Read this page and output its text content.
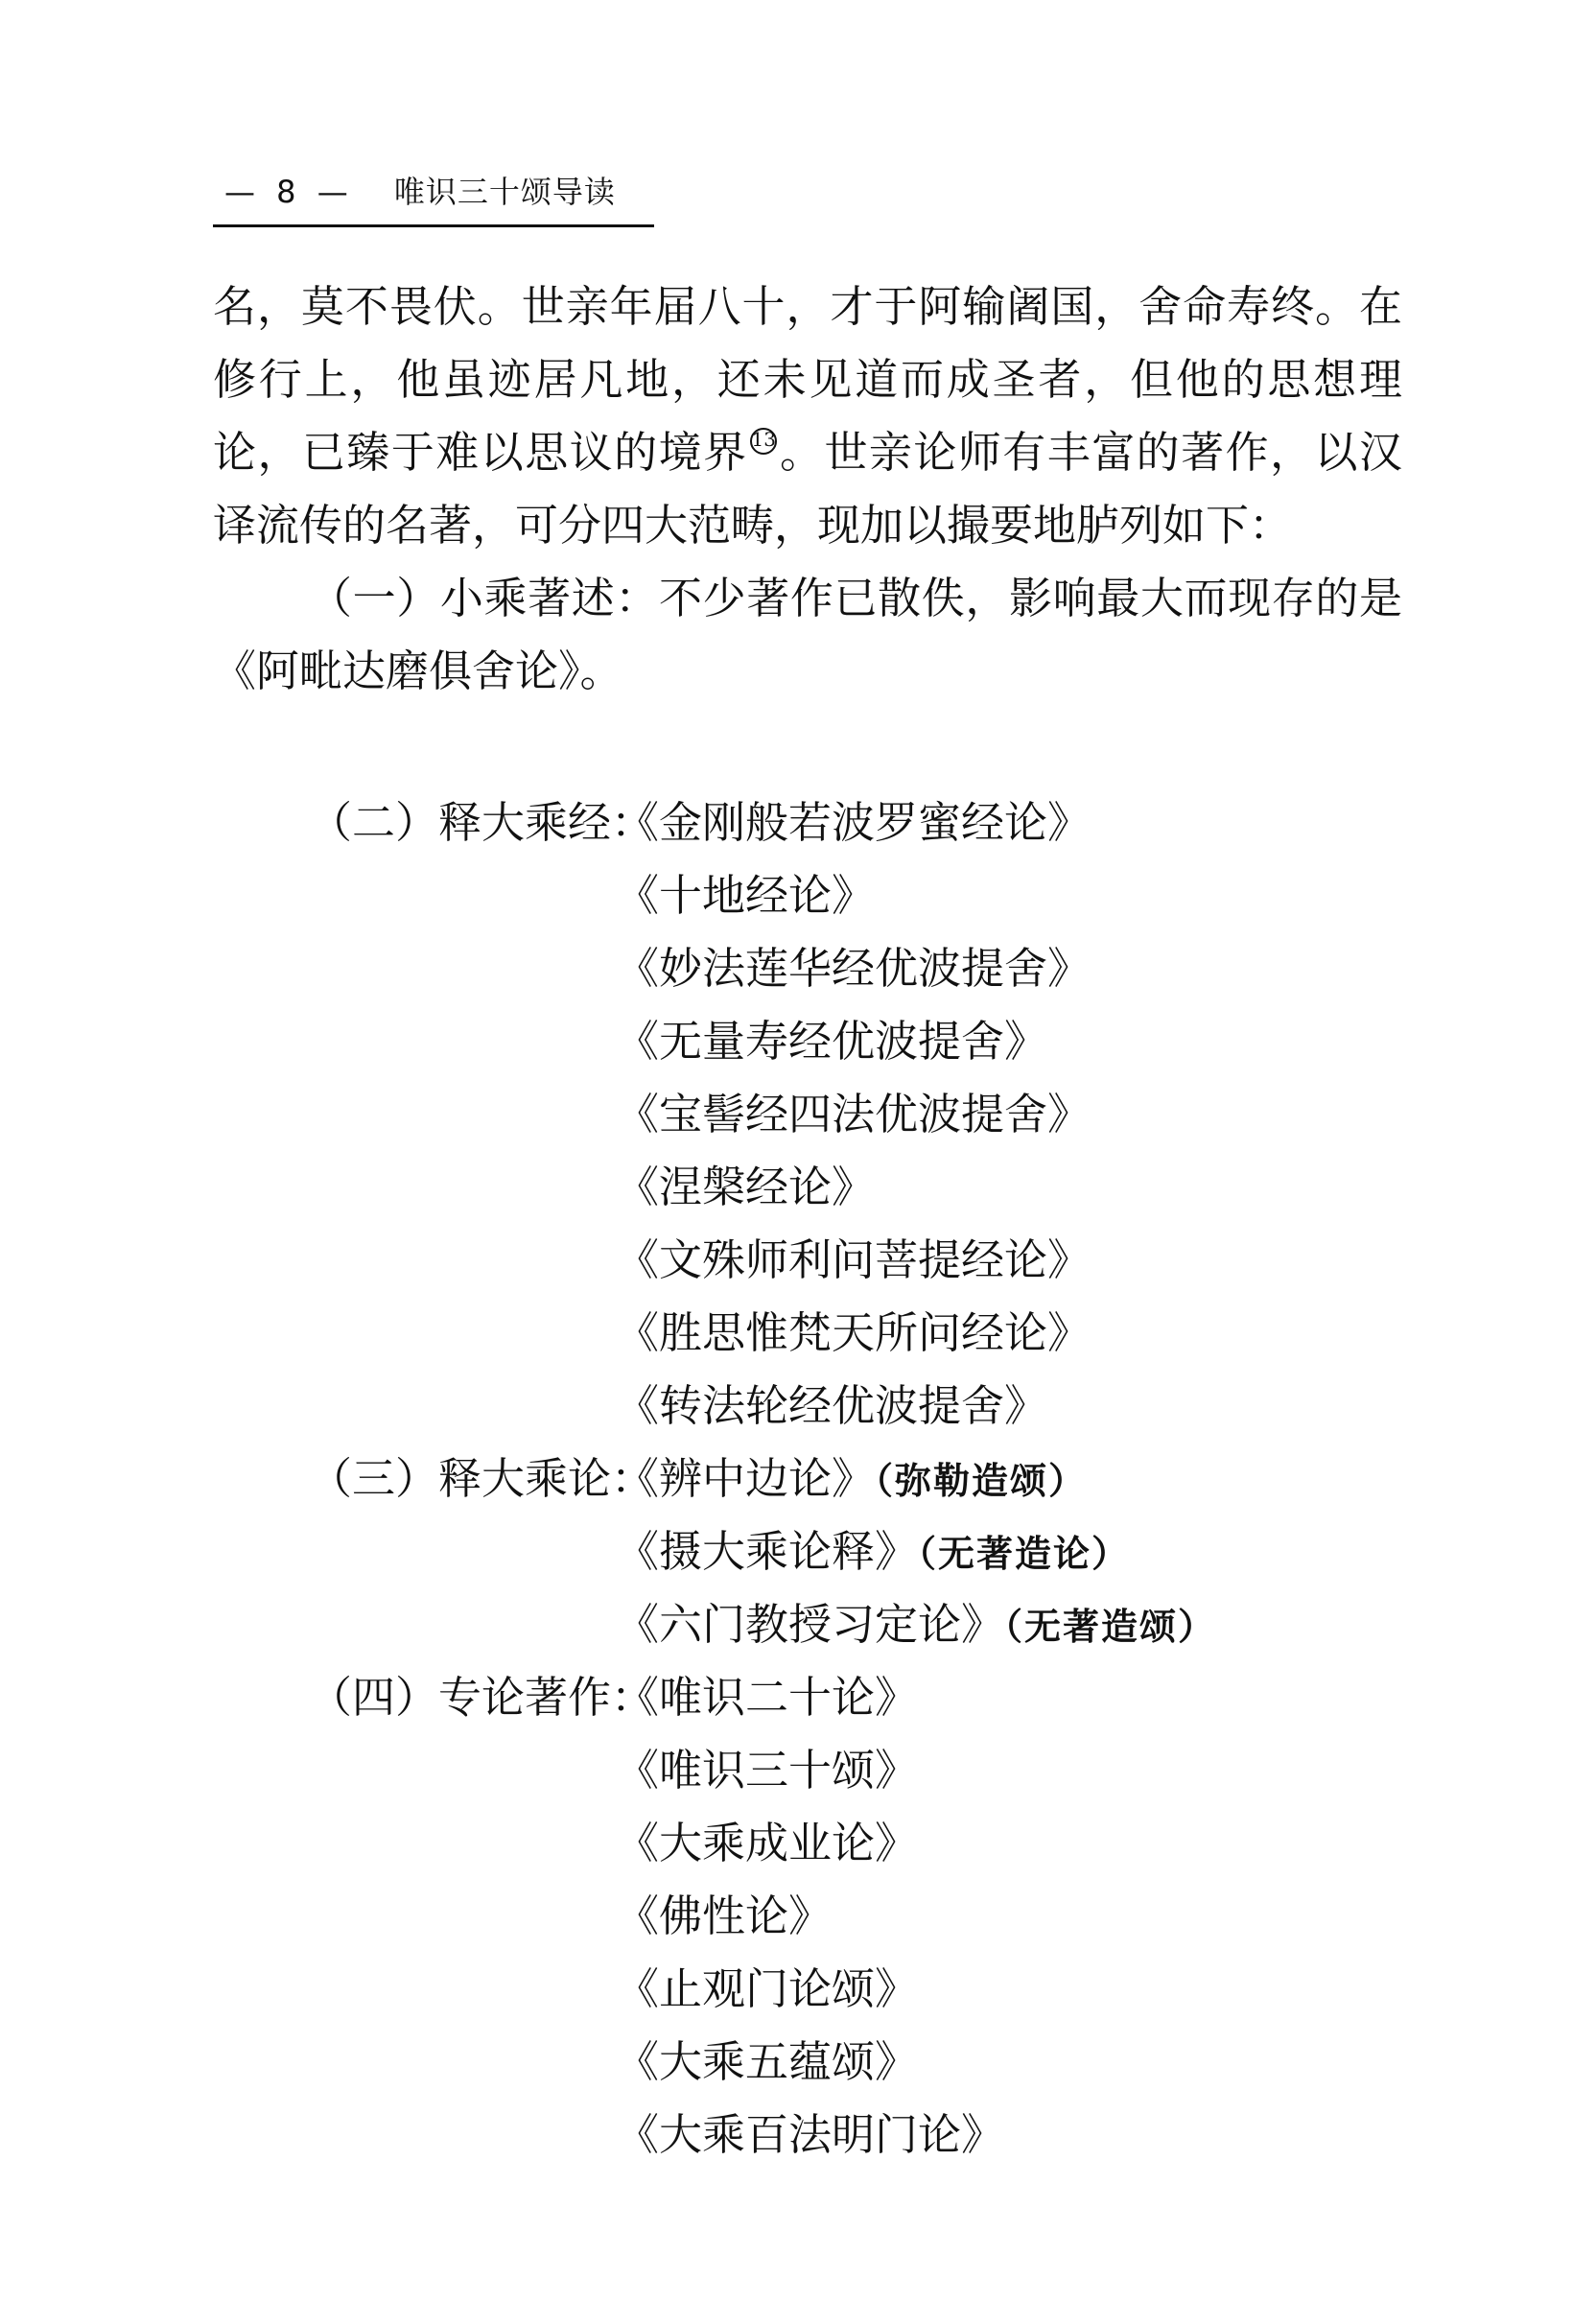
— 8 — 唯识三十颂导读

名，莫不畏伏。世亲年届八十，才于阿输阇国，舍命寿终。在修行上，他虽迹居凡地，还未见道而成圣者，但他的思想理论，已臻于难以思议的境界 13。世亲论师有丰富的著作，以汉译流传的名著，可分四大范畴，现加以撮要地胪列如下：

（一）小乘著述：不少著作已散佚，影响最大而现存的是《阿毗达磨俱舍论》。

（二）释大乘经：《金刚般若波罗蜜经论》
《十地经论》
《妙法莲华经优波提舍》
《无量寿经优波提舍》
《宝髻经四法优波提舍》
《涅槃经论》
《文殊师利问菩提经论》
《胜思惟梵天所问经论》
《转法轮经优波提舍》
（三）释大乘论：《辨中边论》（弥勒造颂）
《摄大乘论释》（无著造论）
《六门教授习定论》（无著造颂）
（四）专论著作：《唯识二十论》
《唯识三十颂》
《大乘成业论》
《佛性论》
《止观门论颂》
《大乘五蕴颂》
《大乘百法明门论》
